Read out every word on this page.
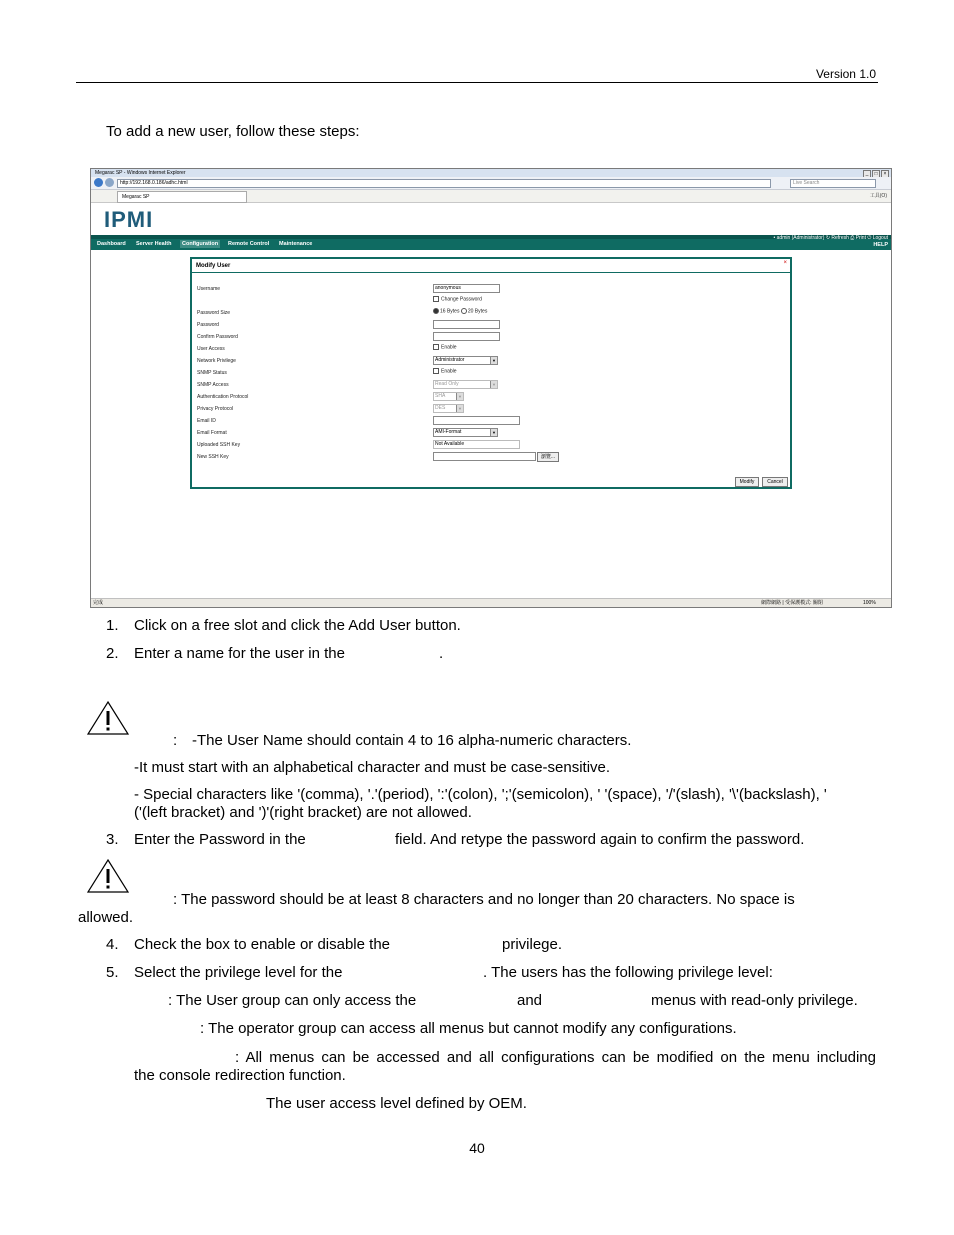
Version 1.0
To add a new user, follow these steps:
Megarac SP - Windows Internet Explorer	_	□	×
http://192.168.0.186/adhc.html	Live Search
Megarac SP	工具(O)
IPMI
• admin (Administrator) ↻ Refresh ⎙ Print ⏻ Logout
Dashboard Server Health	Configuration	Remote Control Maintenance	HELP
Modify User	×
Username	anonymous
Change Password
Password Size	16 Bytes 20 Bytes
Password
Confirm Password
User Access	Enable
Network Privilege	Administrator	▼
SNMP Status	Enable
SNMP Access	Read Only	▼
Authentication Protocol	SHA	▼
Privacy Protocol	DES	▼
Email ID
Email Format	AMI-Format	▼
Uploaded SSH Key	Not Available
New SSH Key	瀏覽...
Modify	Cancel
完成	網際網路 | 受保護模式: 關閉	100%
1. Click on a free slot and click the Add User button.
2. Enter a name for the user in the	.
: -The User Name should contain 4 to 16 alpha-numeric characters.
-It must start with an alphabetical character and must be case-sensitive.
- Special characters like '(comma), '.'(period), ':'(colon), ';'(semicolon), ' '(space), '/'(slash), '\'(backslash), '
('(left bracket) and ')'(right bracket) are not allowed.
3. Enter the Password in the	field. And retype the password again to confirm the password.
: The password should be at least 8 characters and no longer than 20 characters. No space is
allowed.
4. Check the box to enable or disable the	privilege.
5. Select the privilege level for the	. The users has the following privilege level:
: The User group can only access the	and	menus with read-only privilege.
: The operator group can access all menus but cannot modify any configurations.
: All menus can be accessed and all configurations can be modified on the menu including
the console redirection function.
The user access level defined by OEM.
40
